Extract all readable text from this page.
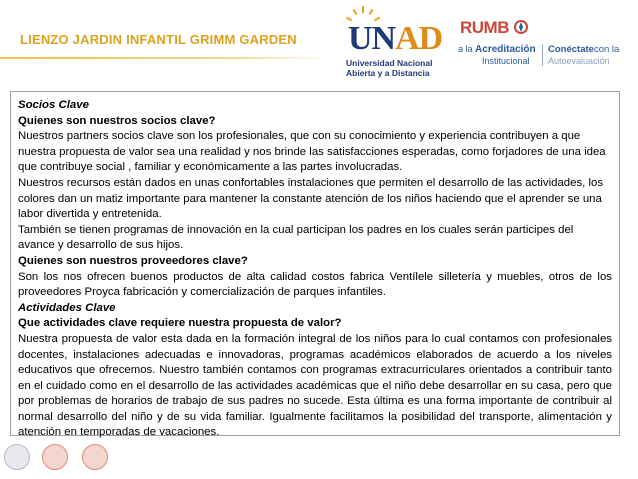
LIENZO JARDIN INFANTIL GRIMM GARDEN UNAD
Universidad Nacional
Abierta y a Distancia
RUMB
a la Acreditación
Institucional
Conéctatecon la
Autoevaluación

Socios Clave

Quienes son nuestros socios clave?

Nuestros partners socios clave son los profesionales, que con su conocimiento y experiencia contribuyen a que nuestra propuesta de valor sea una realidad y nos brinde las satisfacciones esperadas, como forjadores de una idea que contribuye social , familiar y económicamente a las partes involucradas.

Nuestros recursos están dados en unas confortables instalaciones que permiten el desarrollo de las actividades, los colores dan un matiz importante para mantener la constante atención de los niños haciendo que el aprender se una labor divertida y entretenida.

También se tienen programas de innovación en la cual participan los padres en los cuales serán participes del avance y desarrollo de sus hijos.

Quienes son nuestros proveedores clave?

Son los nos ofrecen buenos productos de alta calidad costos fabrica Ventílele silletería y muebles, otros de los proveedores Proyca fabricación y comercialización de parques infantiles.

Actividades Clave

Que actividades clave requiere nuestra propuesta de valor?

Nuestra propuesta de valor esta dada en la formación integral de los niños para lo cual contamos con profesionales docentes, instalaciones adecuadas e innovadoras, programas académicos elaborados de acuerdo a los niveles educativos que ofrecemos. Nuestro también contamos con programas extracurriculares orientados a contribuir tanto en el cuidado como en el desarrollo de las actividades académicas que el niño debe desarrollar en su casa, pero que por problemas de horarios de trabajo de sus padres no sucede. Esta última es una forma importante de contribuir al normal desarrollo del niño y de su vida familiar. Igualmente facilitamos la posibilidad del transporte, alimentación y atención en temporadas de vacaciones.
